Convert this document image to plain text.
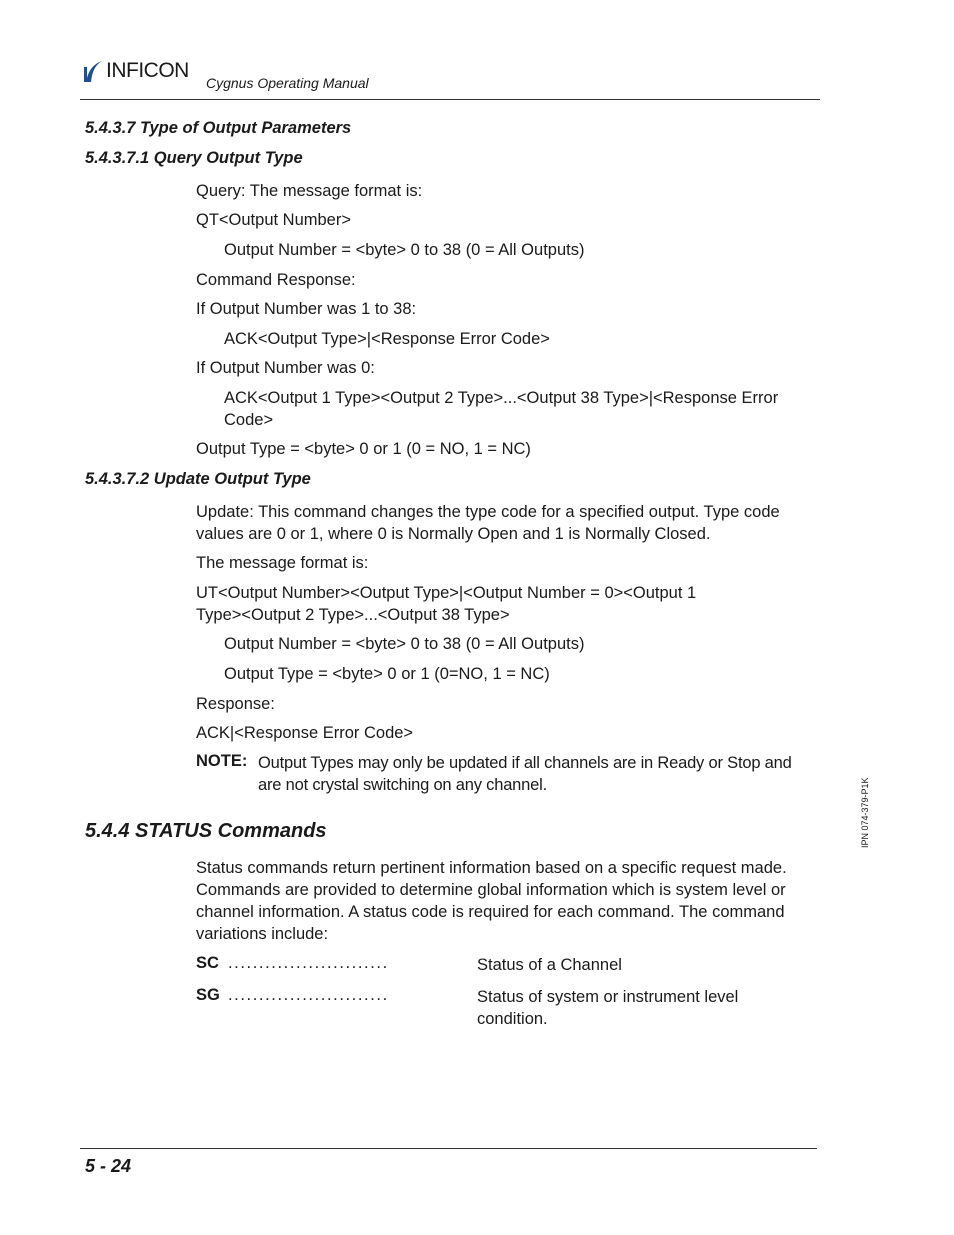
INFICON
Cygnus Operating Manual
5.4.3.7 Type of Output Parameters
5.4.3.7.1 Query Output Type
Query: The message format is:
QT<Output Number>
Output Number = <byte> 0 to 38 (0 = All Outputs)
Command Response:
If Output Number was 1 to 38:
ACK<Output Type>|<Response Error Code>
If Output Number was 0:
ACK<Output 1 Type><Output 2 Type>...<Output 38 Type>|<Response Error Code>
Output Type = <byte> 0 or 1 (0 = NO, 1 = NC)
5.4.3.7.2 Update Output Type
Update: This command changes the type code for a specified output. Type code values are 0 or 1, where 0 is Normally Open and 1 is Normally Closed.
The message format is:
UT<Output Number><Output Type>|<Output Number = 0><Output 1 Type><Output 2 Type>...<Output 38 Type>
Output Number = <byte> 0 to 38 (0 = All Outputs)
Output Type = <byte> 0 or 1 (0=NO, 1 = NC)
Response:
ACK|<Response Error Code>
NOTE: Output Types may only be updated if all channels are in Ready or Stop and are not crystal switching on any channel.
5.4.4 STATUS Commands
Status commands return pertinent information based on a specific request made. Commands are provided to determine global information which is system level or channel information. A status code is required for each command. The command variations include:
SC ..........................	Status of a Channel
SG ..........................	Status of system or instrument level condition.
IPN 074-379-P1K
5 - 24
